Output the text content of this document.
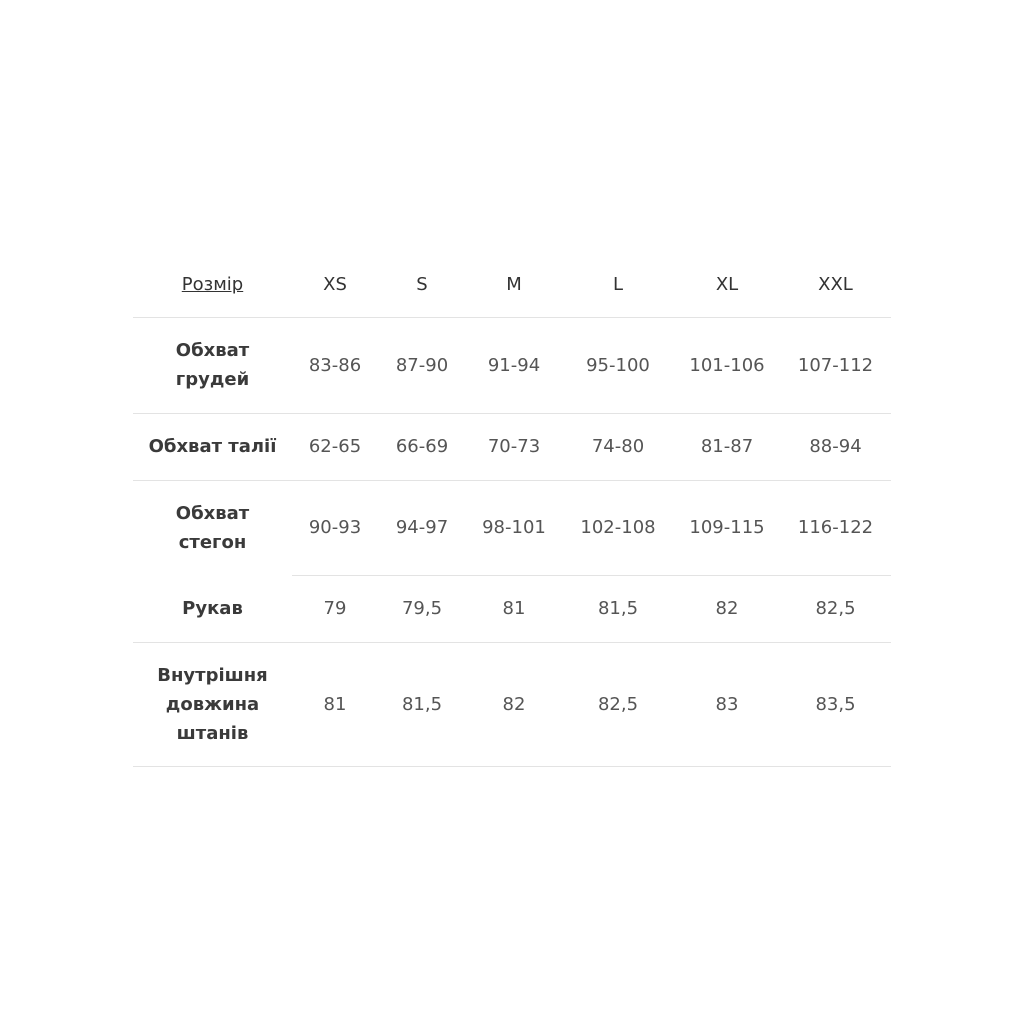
Розмір	XS	S	M	L	XL	XXL
Обхват грудей	83-86	87-90	91-94	95-100	101-106	107-112
Обхват талії	62-65	66-69	70-73	74-80	81-87	88-94
Обхват стегон	90-93	94-97	98-101	102-108	109-115	116-122
Рукав	79	79,5	81	81,5	82	82,5
Внутрішня довжина штанів	81	81,5	82	82,5	83	83,5
